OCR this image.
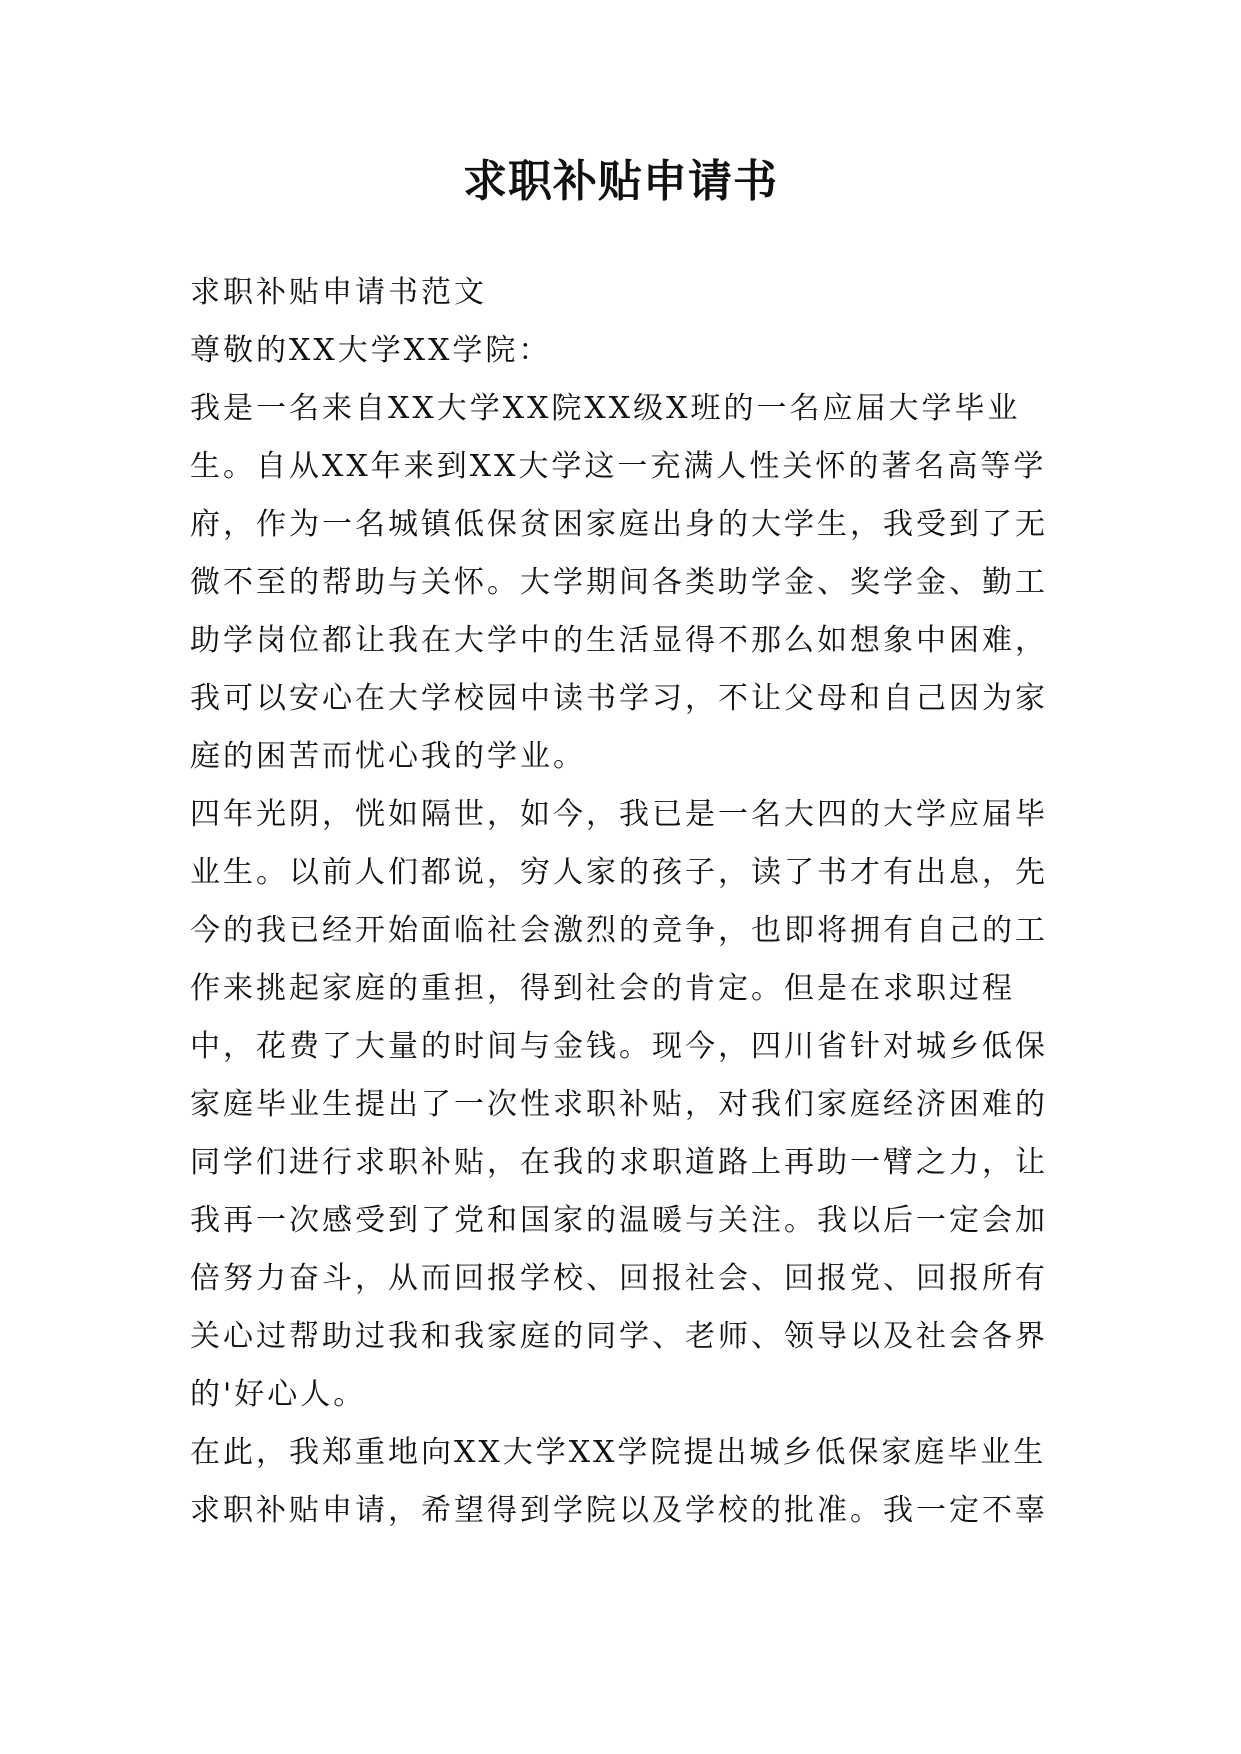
求职补贴申请书

求职补贴申请书范文

尊敬的XX大学XX学院：

我是一名来自XX大学XX院XX级X班的一名应届大学毕业生。自从XX年来到XX大学这一充满人性关怀的著名高等学府，作为一名城镇低保贫困家庭出身的大学生，我受到了无微不至的帮助与关怀。大学期间各类助学金、奖学金、勤工助学岗位都让我在大学中的生活显得不那么如想象中困难，我可以安心在大学校园中读书学习，不让父母和自己因为家庭的困苦而忧心我的学业。

四年光阴，恍如隔世，如今，我已是一名大四的大学应届毕业生。以前人们都说，穷人家的孩子，读了书才有出息，先今的我已经开始面临社会激烈的竞争，也即将拥有自己的工作来挑起家庭的重担，得到社会的肯定。但是在求职过程中，花费了大量的时间与金钱。现今，四川省针对城乡低保家庭毕业生提出了一次性求职补贴，对我们家庭经济困难的同学们进行求职补贴，在我的求职道路上再助一臂之力，让我再一次感受到了党和国家的温暖与关注。我以后一定会加倍努力奋斗，从而回报学校、回报社会、回报党、回报所有关心过帮助过我和我家庭的同学、老师、领导以及社会各界的'好心人。

在此，我郑重地向XX大学XX学院提出城乡低保家庭毕业生求职补贴申请，希望得到学院以及学校的批准。我一定不辜
